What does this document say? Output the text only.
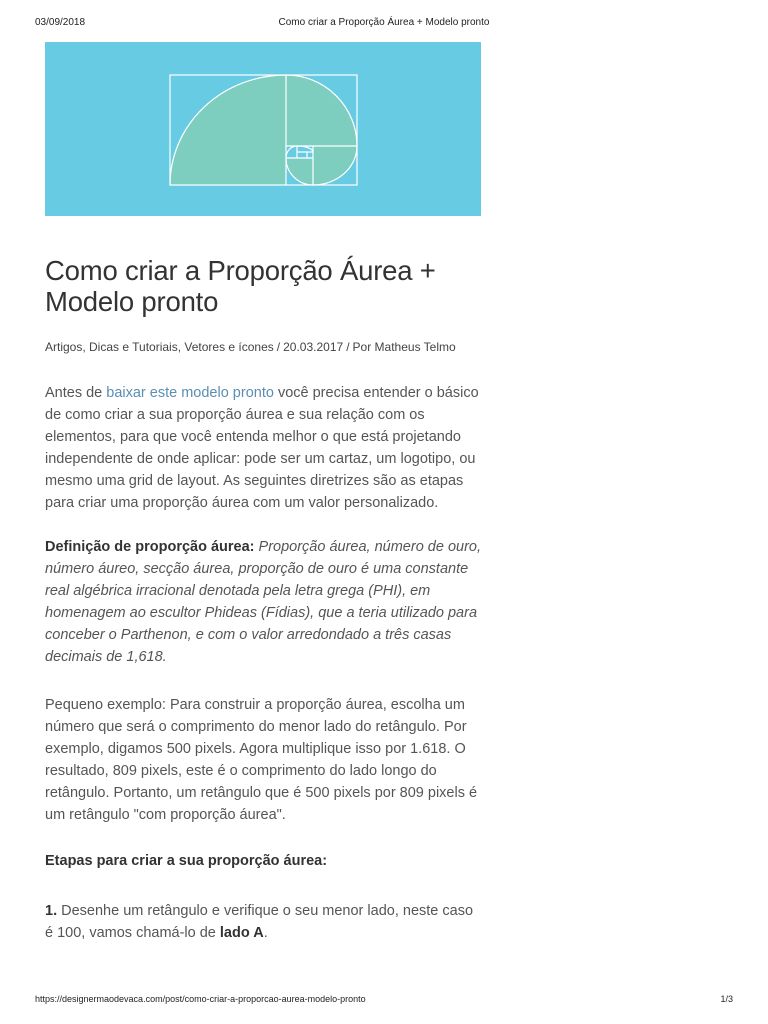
03/09/2018	Como criar a Proporção Áurea + Modelo pronto
Como criar a Proporção Áurea + Modelo pronto
Artigos, Dicas e Tutoriais, Vetores e ícones / 20.03.2017 / Por Matheus Telmo

Antes de baixar este modelo pronto você precisa entender o básico de como criar a sua proporção áurea e sua relação com os elementos, para que você entenda melhor o que está projetando independente de onde aplicar: pode ser um cartaz, um logotipo, ou mesmo uma grid de layout. As seguintes diretrizes são as etapas para criar uma proporção áurea com um valor personalizado.

Definição de proporção áurea: Proporção áurea, número de ouro, número áureo, secção áurea, proporção de ouro é uma constante real algébrica irracional denotada pela letra grega (PHI), em homenagem ao escultor Phideas (Fídias), que a teria utilizado para conceber o Parthenon, e com o valor arredondado a três casas decimais de 1,618.

Pequeno exemplo: Para construir a proporção áurea, escolha um número que será o comprimento do menor lado do retângulo. Por exemplo, digamos 500 pixels. Agora multiplique isso por 1.618. O resultado, 809 pixels, este é o comprimento do lado longo do retângulo. Portanto, um retângulo que é 500 pixels por 809 pixels é um retângulo "com proporção áurea".

Etapas para criar a sua proporção áurea:

1. Desenhe um retângulo e verifique o seu menor lado, neste caso é 100, vamos chamá-lo de lado A.

https://designermaodevaca.com/post/como-criar-a-proporcao-aurea-modelo-pronto	1/3
